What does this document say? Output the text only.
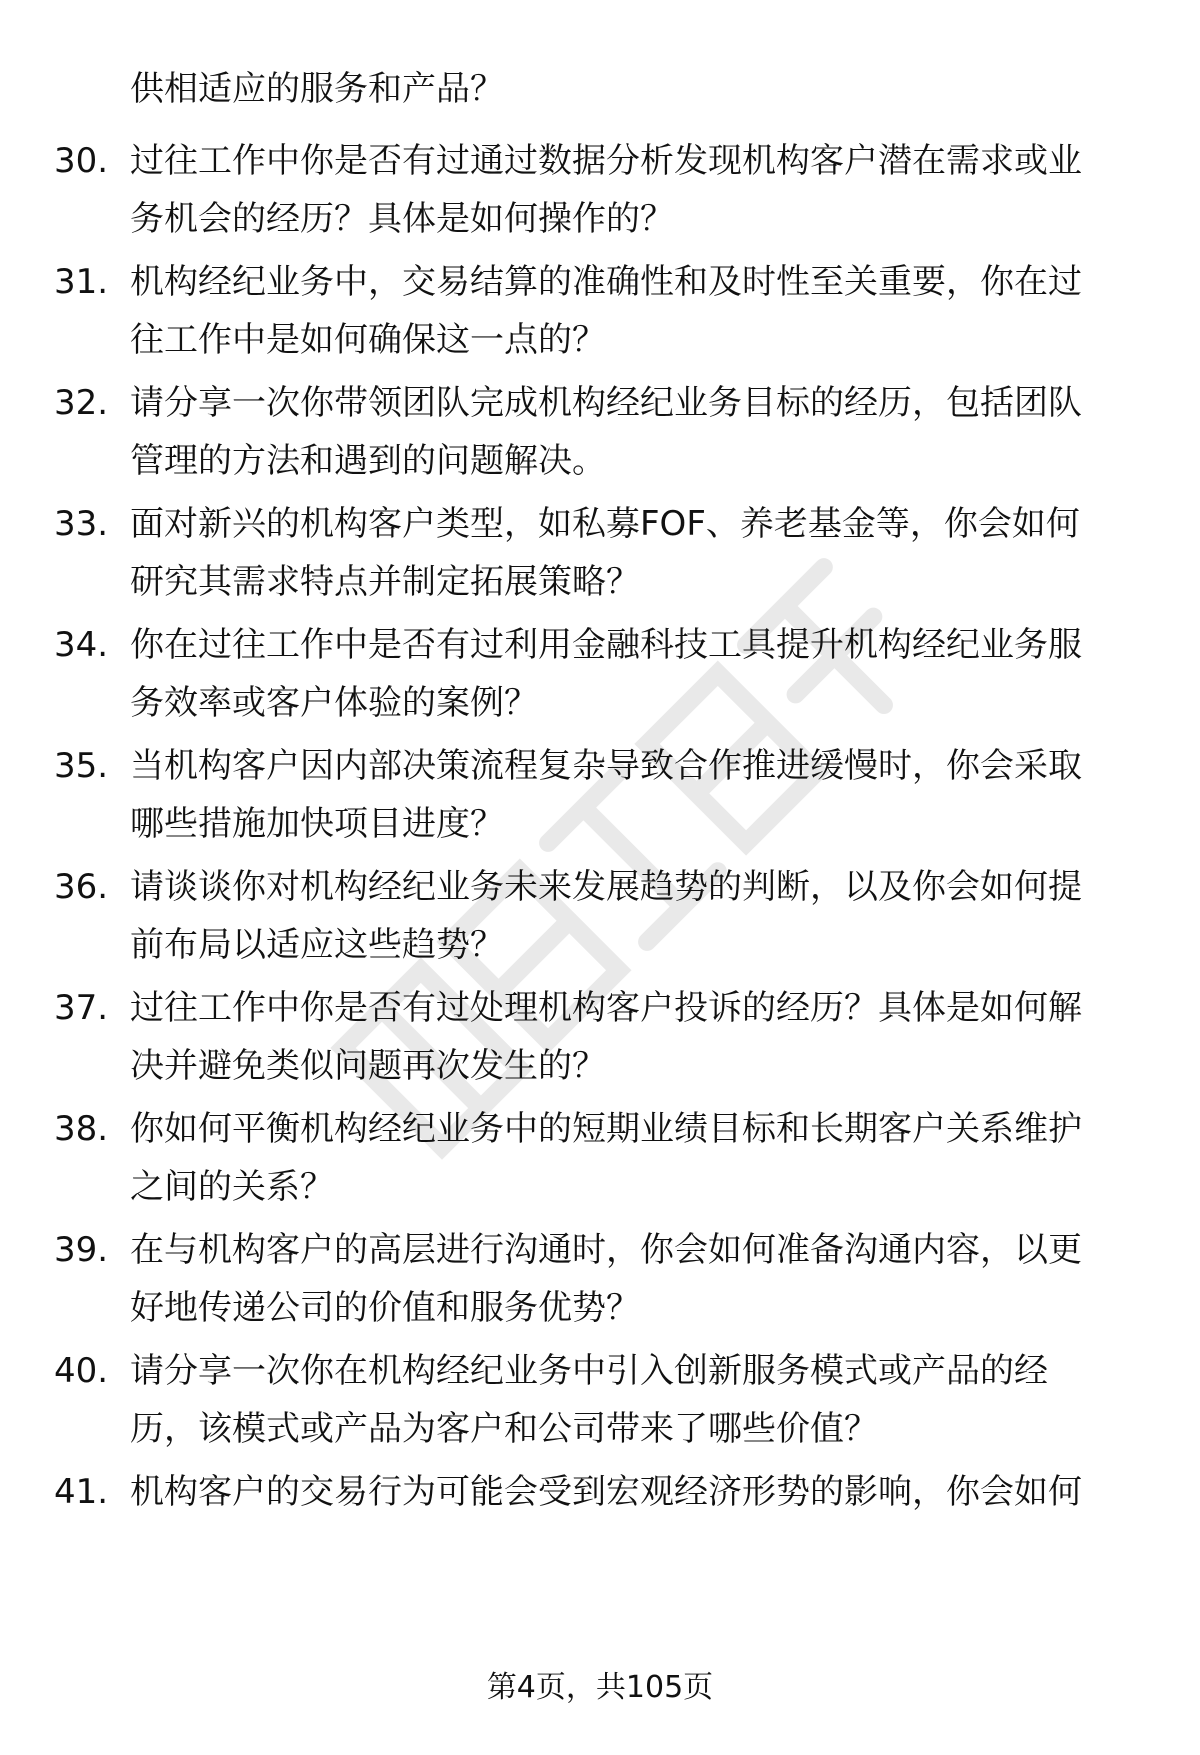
供相适应的服务和产品？
30. 过往工作中你是否有过通过数据分析发现机构客户潜在需求或业
务机会的经历？具体是如何操作的？
31. 机构经纪业务中，交易结算的准确性和及时性至关重要，你在过
往工作中是如何确保这一点的？
32. 请分享一次你带领团队完成机构经纪业务目标的经历，包括团队
管理的方法和遇到的问题解决。
33. 面对新兴的机构客户类型，如私募FOF、养老基金等，你会如何
研究其需求特点并制定拓展策略？
34. 你在过往工作中是否有过利用金融科技工具提升机构经纪业务服
务效率或客户体验的案例？
35. 当机构客户因内部决策流程复杂导致合作推进缓慢时，你会采取
哪些措施加快项目进度？
36. 请谈谈你对机构经纪业务未来发展趋势的判断，以及你会如何提
前布局以适应这些趋势？
37. 过往工作中你是否有过处理机构客户投诉的经历？具体是如何解
决并避免类似问题再次发生的？
38. 你如何平衡机构经纪业务中的短期业绩目标和长期客户关系维护
之间的关系？
39. 在与机构客户的高层进行沟通时，你会如何准备沟通内容，以更
好地传递公司的价值和服务优势？
40. 请分享一次你在机构经纪业务中引入创新服务模式或产品的经
历，该模式或产品为客户和公司带来了哪些价值？
41. 机构客户的交易行为可能会受到宏观经济形势的影响，你会如何
第4页，共105页
